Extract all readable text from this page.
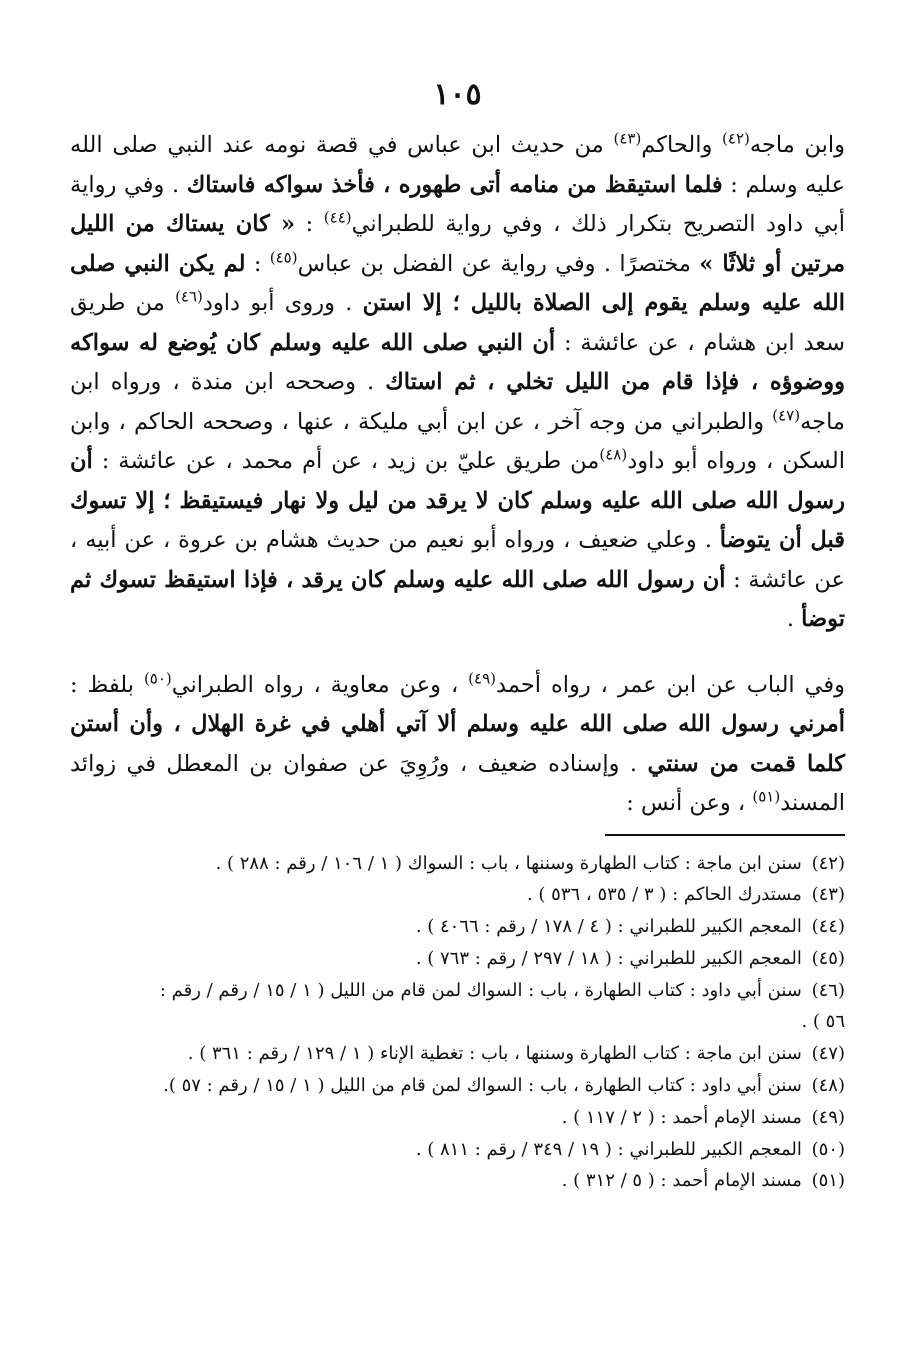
١٠٥

وابن ماجه$^{(٤٢)}$ والحاكم$^{(٤٣)}$ من حديث ابن عباس في قصة نومه عند النبي صلى الله عليه وسلم : فلما استيقظ من منامه أتى طهوره ، فأخذ سواكه فاستاك . وفي رواية أبي داود التصريح بتكرار ذلك ، وفي رواية للطبراني$^{(٤٤)}$ : « كان يستاك من الليل مرتين أو ثلاثًا » مختصرًا . وفي رواية عن الفضل بن عباس$^{(٤٥)}$ : لم يكن النبي صلى الله عليه وسلم يقوم إلى الصلاة بالليل ؛ إلا استن . وروى أبو داود$^{(٤٦)}$ من طريق سعد ابن هشام ، عن عائشة : أن النبي صلى الله عليه وسلم كان يُوضع له سواكه ووضوؤه ، فإذا قام من الليل تخلي ، ثم استاك . وصححه ابن مندة ، ورواه ابن ماجه$^{(٤٧)}$ والطبراني من وجه آخر ، عن ابن أبي مليكة ، عنها ، وصححه الحاكم ، وابن السكن ، ورواه أبو داود$^{(٤٨)}$من طريق عليّ بن زيد ، عن أم محمد ، عن عائشة : أن رسول الله صلى الله عليه وسلم كان لا يرقد من ليل ولا نهار فيستيقظ ؛ إلا تسوك قبل أن يتوضأ . وعلي ضعيف ، ورواه أبو نعيم من حديث هشام بن عروة ، عن أبيه ، عن عائشة : أن رسول الله صلى الله عليه وسلم كان يرقد ، فإذا استيقظ تسوك ثم توضأ .

وفي الباب عن ابن عمر ، رواه أحمد$^{(٤٩)}$ ، وعن معاوية ، رواه الطبراني$^{(٥٠)}$ بلفظ : أمرني رسول الله صلى الله عليه وسلم ألا آتي أهلي في غرة الهلال ، وأن أستن كلما قمت من سنتي . وإسناده ضعيف ، ورُوِيَ عن صفوان بن المعطل في زوائد المسند$^{(٥١)}$ ، وعن أنس :

(٤٢) سنن ابن ماجة : كتاب الطهارة وسننها ، باب : السواك ( ١ / ١٠٦ / رقم : ٢٨٨ ) .
(٤٣) مستدرك الحاكم : ( ٣ / ٥٣٥ ، ٥٣٦ ) .
(٤٤) المعجم الكبير للطبراني : ( ٤ / ١٧٨ / رقم : ٤٠٦٦ ) .
(٤٥) المعجم الكبير للطبراني : ( ١٨ / ٢٩٧ / رقم : ٧٦٣ ) .
(٤٦) سنن أبي داود : كتاب الطهارة ، باب : السواك لمن قام من الليل ( ١ / ١٥ / رقم / رقم :
٥٦ ) .
(٤٧) سنن ابن ماجة : كتاب الطهارة وسننها ، باب : تغطية الإناء ( ١ / ١٢٩ / رقم : ٣٦١ ) .
(٤٨) سنن أبي داود : كتاب الطهارة ، باب : السواك لمن قام من الليل ( ١ / ١٥ / رقم : ٥٧ ).
(٤٩) مسند الإمام أحمد : ( ٢ / ١١٧ ) .
(٥٠) المعجم الكبير للطبراني : ( ١٩ / ٣٤٩ / رقم : ٨١١ ) .
(٥١) مسند الإمام أحمد : ( ٥ / ٣١٢ ) .
